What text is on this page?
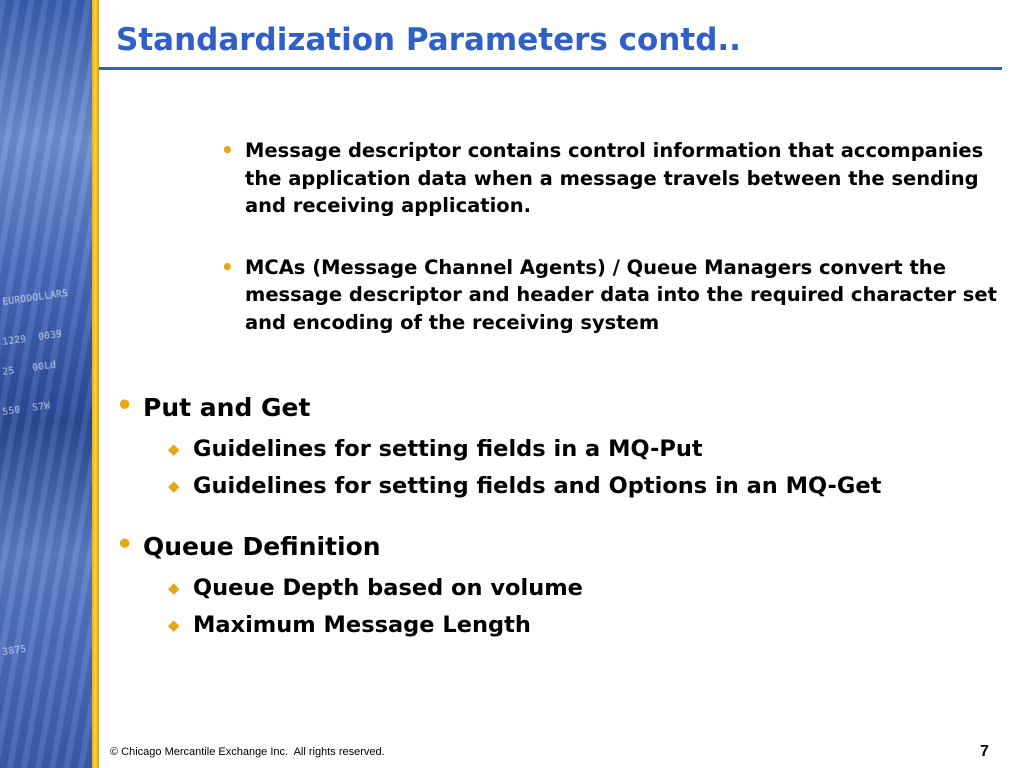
EURODOLLARS
1229  0039
25   00Ld
550  S7W
3875
Standardization Parameters contd..
• Message descriptor contains control information that accompanies the application data when a message travels between the sending and receiving application.
• MCAs (Message Channel Agents) / Queue Managers convert the message descriptor and header data into the required character set and encoding of the receiving system
• Put and Get
◆ Guidelines for setting fields in a MQ-Put
◆ Guidelines for setting fields and Options in an MQ-Get
• Queue Definition
◆ Queue Depth based on volume
◆ Maximum Message Length
© Chicago Mercantile Exchange Inc.  All rights reserved.	7
